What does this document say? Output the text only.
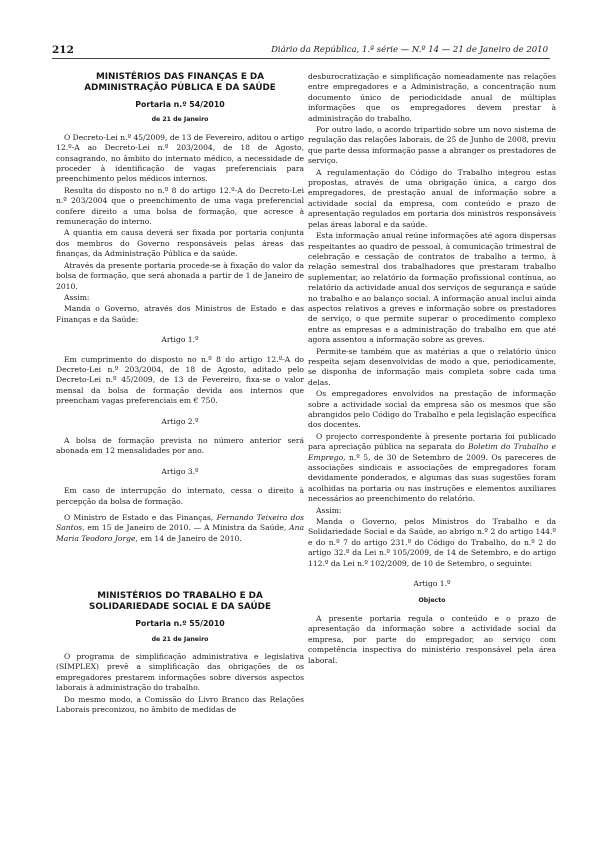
212	Diário da República, 1.ª série — N.º 14 — 21 de Janeiro de 2010
MINISTÉRIOS DAS FINANÇAS E DA ADMINISTRAÇÃO PÚBLICA E DA SAÚDE
Portaria n.º 54/2010
de 21 de Janeiro

O Decreto-Lei n.º 45/2009, de 13 de Fevereiro, aditou o artigo 12.º-A ao Decreto-Lei n.º 203/2004, de 18 de Agosto, consagrando, no âmbito do internato médico, a necessidade de proceder à identificação de vagas preferenciais para preenchimento pelos médicos internos.

Resulta do disposto no n.º 8 do artigo 12.º-A do Decreto-Lei n.º 203/2004 que o preenchimento de uma vaga preferencial confere direito a uma bolsa de formação, que acresce à remuneração do interno.

A quantia em causa deverá ser fixada por portaria conjunta dos membros do Governo responsáveis pelas áreas das finanças, da Administração Pública e da saúde.

Através da presente portaria procede-se à fixação do valor da bolsa de formação, que será abonada a partir de 1 de Janeiro de 2010.

Assim:

Manda o Governo, através dos Ministros de Estado e das Finanças e da Saúde:

Artigo 1.º

Em cumprimento do disposto no n.º 8 do artigo 12.º-A do Decreto-Lei n.º 203/2004, de 18 de Agosto, aditado pelo Decreto-Lei n.º 45/2009, de 13 de Fevereiro, fixa-se o valor mensal da bolsa de formação devida aos internos que preencham vagas preferenciais em € 750.

Artigo 2.º

A bolsa de formação prevista no número anterior será abonada em 12 mensalidades por ano.

Artigo 3.º

Em caso de interrupção do internato, cessa o direito à percepção da bolsa de formação.

O Ministro de Estado e das Finanças, Fernando Teixeira dos Santos, em 15 de Janeiro de 2010. — A Ministra da Saúde, Ana Maria Teodoro Jorge, em 14 de Janeiro de 2010.

MINISTÉRIOS DO TRABALHO E DA SOLIDARIEDADE SOCIAL E DA SAÚDE
Portaria n.º 55/2010
de 21 de Janeiro

O programa de simplificação administrativa e legislativa (SIMPLEX) prevê a simplificação das obrigações de os empregadores prestarem informações sobre diversos aspectos laborais à administração do trabalho.

Do mesmo modo, a Comissão do Livro Branco das Relações Laborais preconizou, no âmbito de medidas de

desburocratização e simplificação nomeadamente nas relações entre empregadores e a Administração, a concentração num documento único de periodicidade anual de múltiplas informações que os empregadores devem prestar à administração do trabalho.

Por outro lado, o acordo tripartido sobre um novo sistema de regulação das relações laborais, de 25 de Junho de 2008, previu que parte dessa informação passe a abranger os prestadores de serviço.

A regulamentação do Código do Trabalho integrou estas propostas, através de uma obrigação única, a cargo dos empregadores, de prestação anual de informação sobre a actividade social da empresa, com conteúdo e prazo de apresentação regulados em portaria dos ministros responsáveis pelas áreas laboral e da saúde.

Esta informação anual reúne informações até agora dispersas respeitantes ao quadro de pessoal, à comunicação trimestral de celebração e cessação de contratos de trabalho a termo, à relação semestral dos trabalhadores que prestaram trabalho suplementar, ao relatório da formação profissional contínua, ao relatório da actividade anual dos serviços de segurança e saúde no trabalho e ao balanço social. A informação anual inclui ainda aspectos relativos a greves e informação sobre os prestadores de serviço, o que permite superar o procedimento complexo entre as empresas e a administração do trabalho em que até agora assentou a informação sobre as greves.

Permite-se também que as matérias a que o relatório único respeita sejam desenvolvidas de modo a que, periodicamente, se disponha de informação mais completa sobre cada uma delas.

Os empregadores envolvidos na prestação de informação sobre a actividade social da empresa são os mesmos que são abrangidos pelo Código do Trabalho e pela legislação específica dos docentes.

O projecto correspondente à presente portaria foi publicado para apreciação pública na separata do Boletim do Trabalho e Emprego, n.º 5, de 30 de Setembro de 2009. Os pareceres de associações sindicais e associações de empregadores foram devidamente ponderados, e algumas das suas sugestões foram acolhidas na portaria ou nas instruções e elementos auxiliares necessários ao preenchimento do relatório.

Assim:

Manda o Governo, pelos Ministros do Trabalho e da Solidariedade Social e da Saúde, ao abrigo n.º 2 do artigo 144.º e do n.º 7 do artigo 231.º do Código do Trabalho, do n.º 2 do artigo 32.º da Lei n.º 105/2009, de 14 de Setembro, e do artigo 112.º da Lei n.º 102/2009, de 10 de Setembro, o seguinte:

Artigo 1.º
Objecto

A presente portaria regula o conteúdo e o prazo de apresentação da informação sobre a actividade social da empresa, por parte do empregador, ao serviço com competência inspectiva do ministério responsável pela área laboral.
